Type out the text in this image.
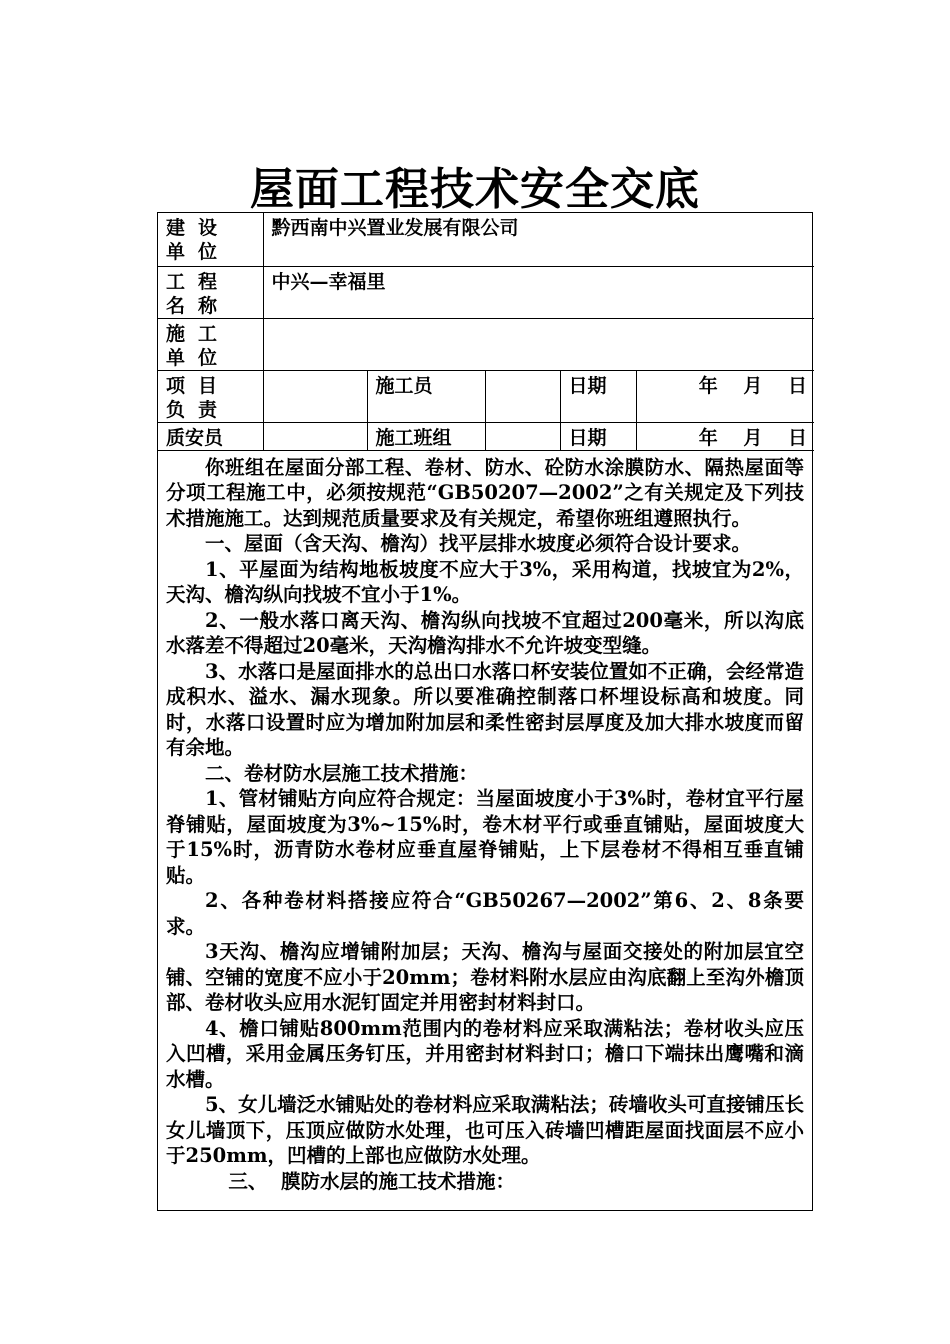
屋面工程技术安全交底
建设单位	黔西南中兴置业发展有限公司				
工程名称	中兴—幸福里				
施工单位					
项目负责		施工员		日期	年　 月　 日
质安员		施工班组		日期	年　 月　 日

你班组在屋面分部工程、卷材、防水、砼防水涂膜防水、隔热屋面等分项工程施工中，必须按规范“GB50207—2002”之有关规定及下列技术措施施工。达到规范质量要求及有关规定，希望你班组遵照执行。

一、屋面（含天沟、檐沟）找平层排水坡度必须符合设计要求。

1、平屋面为结构地板坡度不应大于3%，采用构道，找坡宜为2%，天沟、檐沟纵向找坡不宜小于1%。

2、一般水落口离天沟、檐沟纵向找坡不宜超过200毫米，所以沟底水落差不得超过20毫米，天沟檐沟排水不允许坡变型缝。

3、水落口是屋面排水的总出口水落口杯安装位置如不正确，会经常造成积水、溢水、漏水现象。所以要准确控制落口杯埋设标高和坡度。同时，水落口设置时应为增加附加层和柔性密封层厚度及加大排水坡度而留有余地。

二、卷材防水层施工技术措施：

1、管材铺贴方向应符合规定：当屋面坡度小于3%时，卷材宜平行屋脊铺贴，屋面坡度为3%~15%时，卷木材平行或垂直铺贴，屋面坡度大于15%时，沥青防水卷材应垂直屋脊铺贴，上下层卷材不得相互垂直铺贴。

2、各种卷材料搭接应符合“GB50267—2002”第6、2、8条要求。

3天沟、檐沟应增铺附加层；天沟、檐沟与屋面交接处的附加层宜空铺、空铺的宽度不应小于20mm；卷材料附水层应由沟底翻上至沟外檐顶部、卷材收头应用水泥钉固定并用密封材料封口。

4、檐口铺贴800mm范围内的卷材料应采取满粘法；卷材收头应压入凹槽，采用金属压务钉压，并用密封材料封口；檐口下端抹出鹰嘴和滴水槽。

5、女儿墙泛水铺贴处的卷材料应采取满粘法；砖墙收头可直接铺压长女儿墙顶下，压顶应做防水处理，也可压入砖墙凹槽距屋面找面层不应小于250mm，凹槽的上部也应做防水处理。

三、  膜防水层的施工技术措施：
